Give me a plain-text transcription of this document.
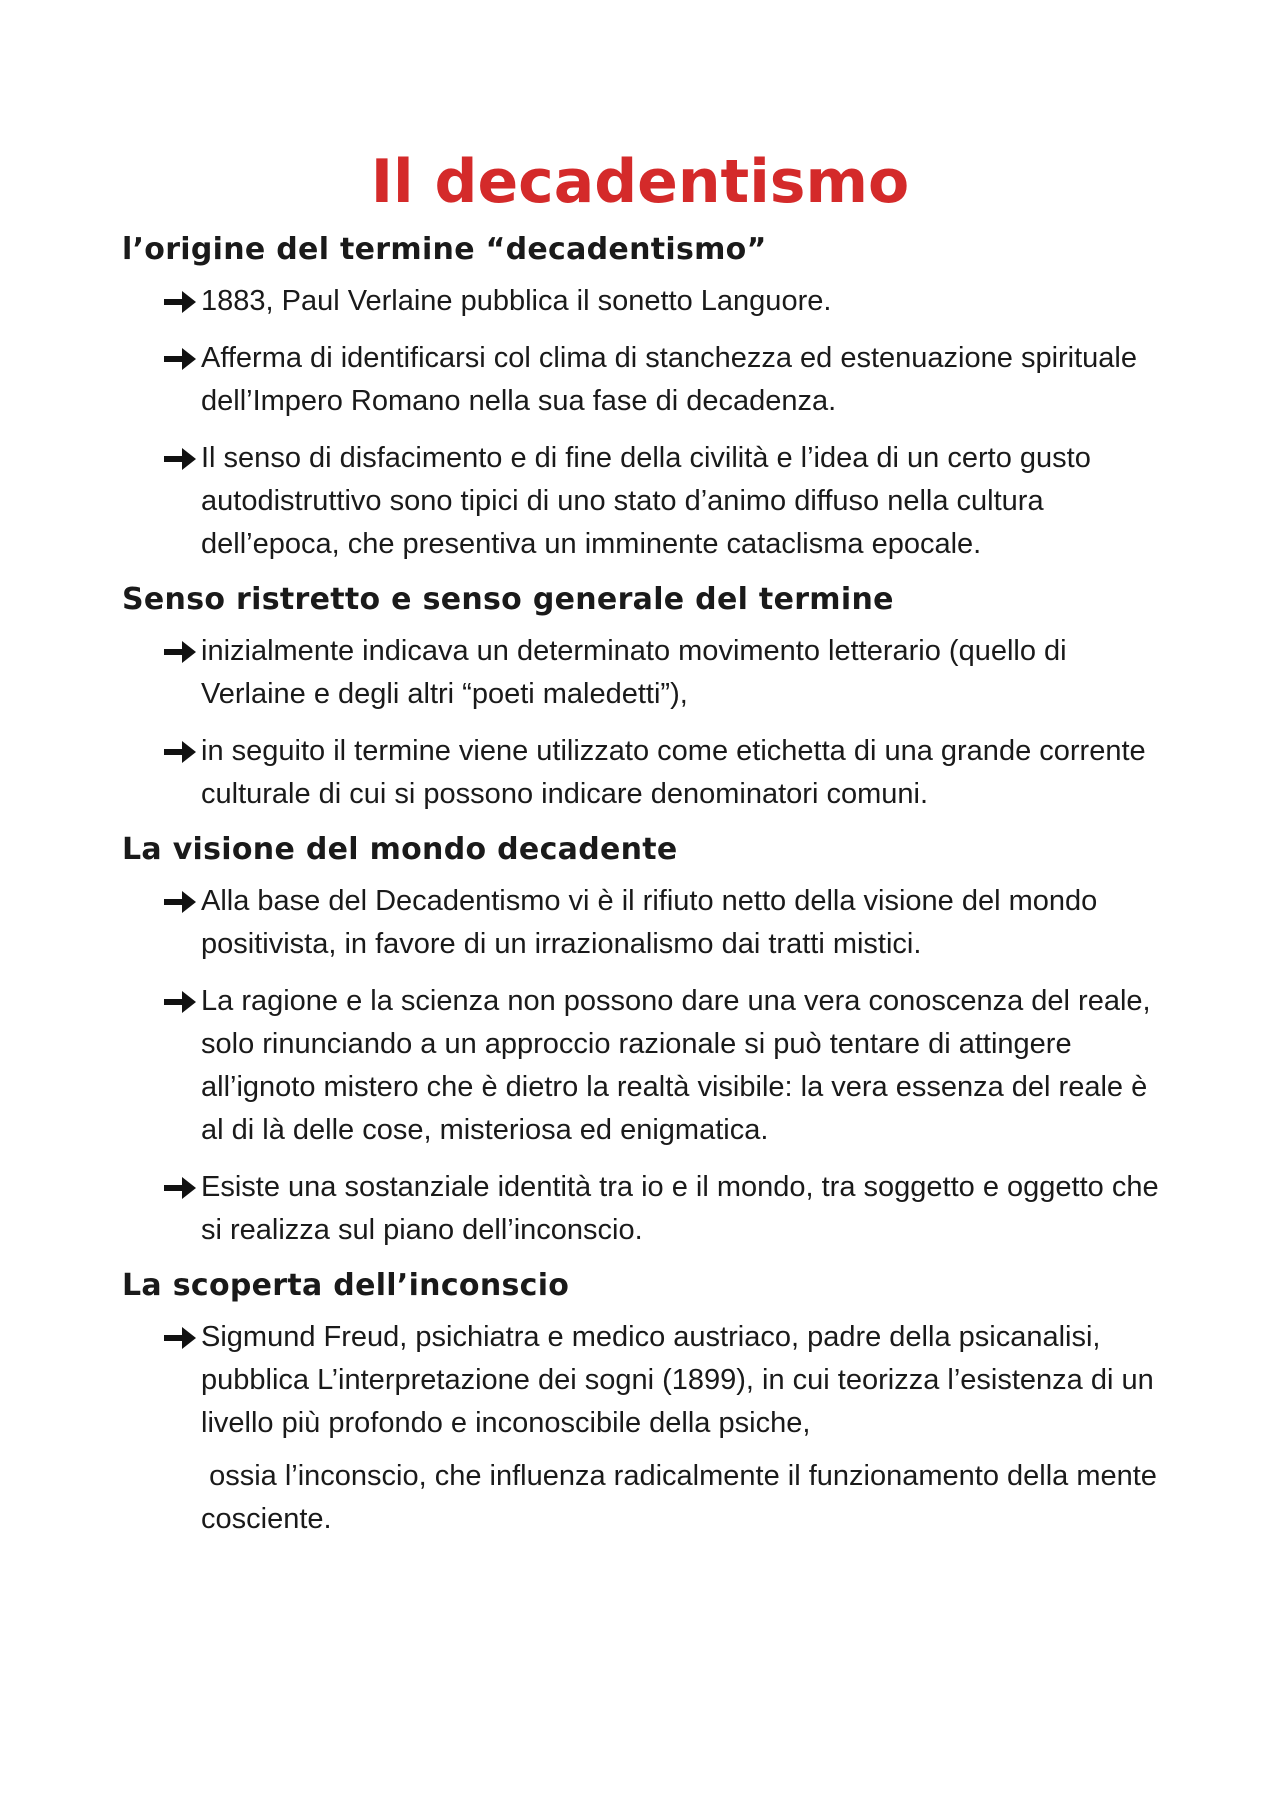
Il decadentismo
l’origine del termine “decadentismo”
1883, Paul Verlaine pubblica il sonetto Languore.
Afferma di identificarsi col clima di stanchezza ed estenuazione spirituale dell’Impero Romano nella sua fase di decadenza.
Il senso di disfacimento e di fine della civilità e l’idea di un certo gusto autodistruttivo sono tipici di uno stato d’animo diffuso nella cultura dell’epoca, che presentiva un imminente cataclisma epocale.
Senso ristretto e senso generale del termine
inizialmente indicava un determinato movimento letterario (quello di Verlaine e degli altri “poeti maledetti”),
in seguito il termine viene utilizzato come etichetta di una grande corrente culturale di cui si possono indicare denominatori comuni.
La visione del mondo decadente
Alla base del Decadentismo vi è il rifiuto netto della visione del mondo positivista, in favore di un irrazionalismo dai tratti mistici.
La ragione e la scienza non possono dare una vera conoscenza del reale, solo rinunciando a un approccio razionale si può tentare di attingere all’ignoto mistero che è dietro la realtà visibile: la vera essenza del reale è al di là delle cose, misteriosa ed enigmatica.
Esiste una sostanziale identità tra io e il mondo, tra soggetto e oggetto che si realizza sul piano dell’inconscio.
La scoperta dell’inconscio
Sigmund Freud, psichiatra e medico austriaco, padre della psicanalisi, pubblica L’interpretazione dei sogni (1899), in cui teorizza l’esistenza di un livello più profondo e inconoscibile della psiche,
ossia l’inconscio, che influenza radicalmente il funzionamento della mente cosciente.
